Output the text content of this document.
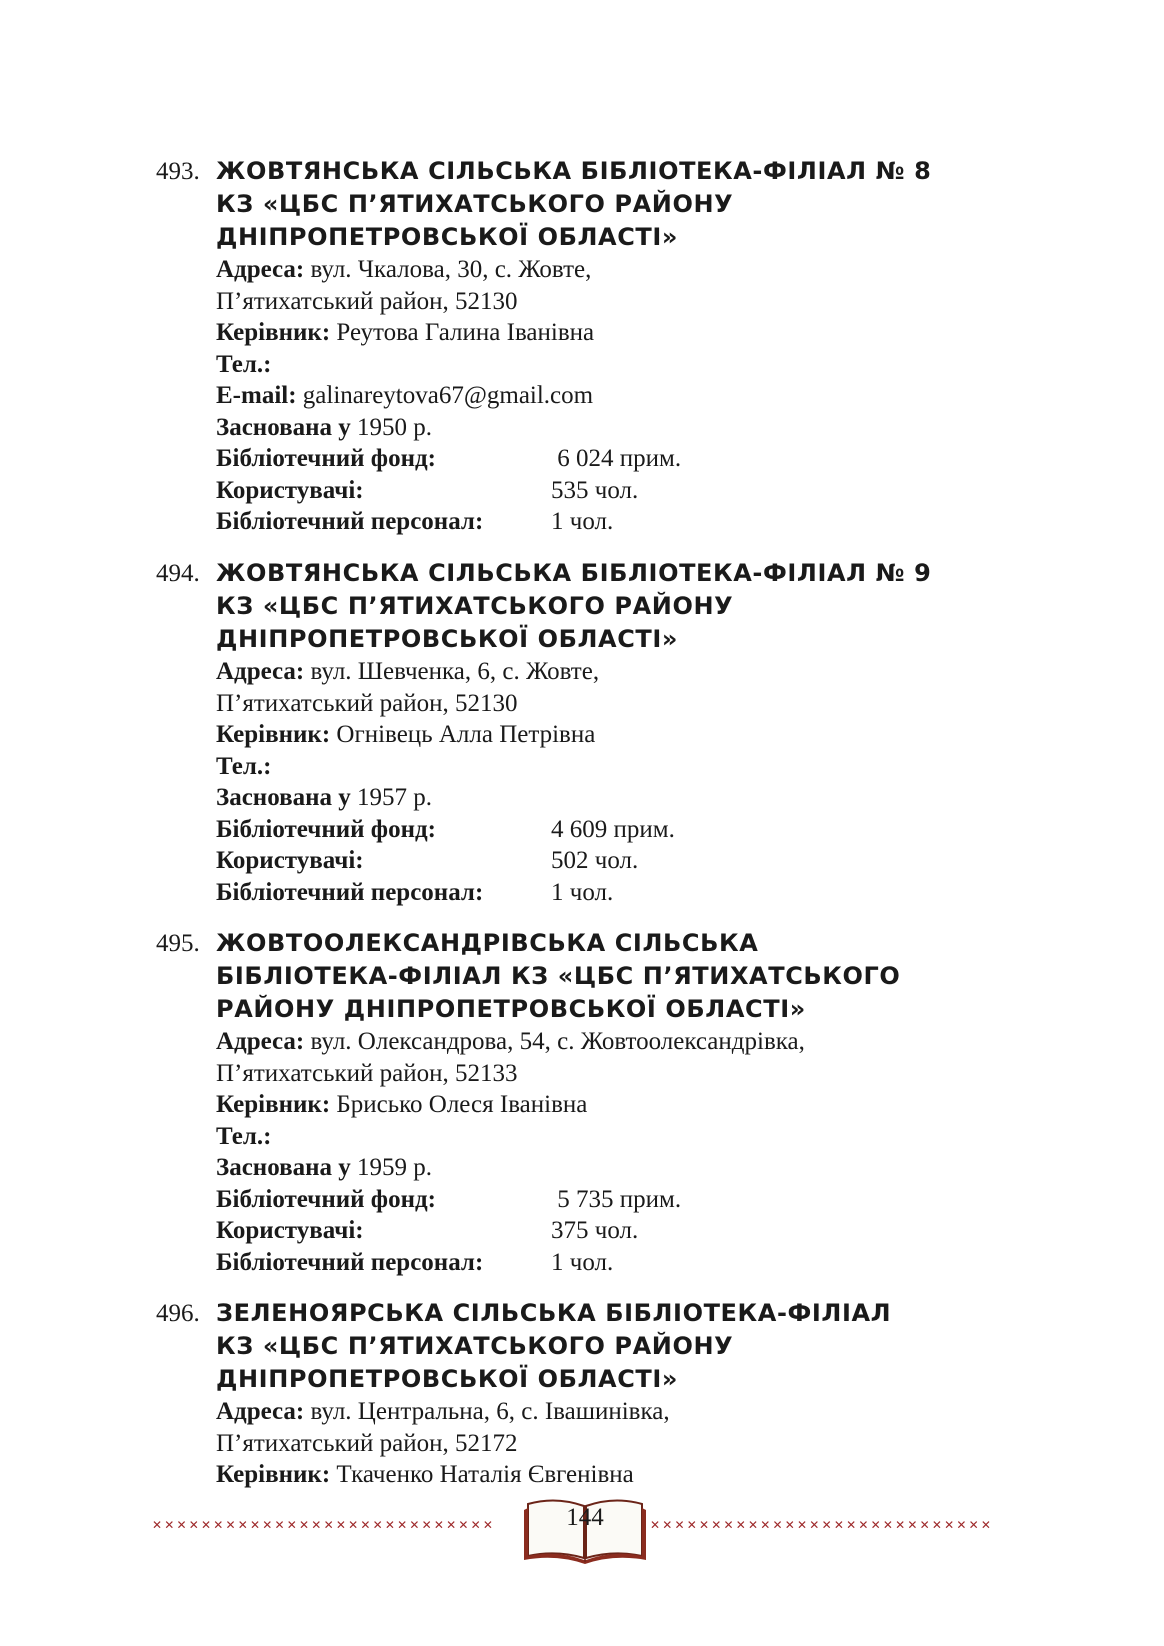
493. ЖОВТЯНСЬКА СІЛЬСЬКА БІБЛІОТЕКА-ФІЛІАЛ № 8
КЗ «ЦБС П’ЯТИХАТСЬКОГО РАЙОНУ
ДНІПРОПЕТРОВСЬКОЇ ОБЛАСТІ»
Адреса: вул. Чкалова, 30, с. Жовте,
П’ятихатський район, 52130
Керівник: Реутова Галина Іванівна
Тел.:
E-mail: galinareytova67@gmail.com
Заснована у 1950 р.
Бібліотечний фонд:	6 024 прим.
Користувачі:	535 чол.
Бібліотечний персонал:	1 чол.
494. ЖОВТЯНСЬКА СІЛЬСЬКА БІБЛІОТЕКА-ФІЛІАЛ № 9
КЗ «ЦБС П’ЯТИХАТСЬКОГО РАЙОНУ
ДНІПРОПЕТРОВСЬКОЇ ОБЛАСТІ»
Адреса: вул. Шевченка, 6, с. Жовте,
П’ятихатський район, 52130
Керівник: Огнівець Алла Петрівна
Тел.:
Заснована у 1957 р.
Бібліотечний фонд:	4 609 прим.
Користувачі:	502 чол.
Бібліотечний персонал:	1 чол.
495. ЖОВТООЛЕКСАНДРІВСЬКА СІЛЬСЬКА
БІБЛІОТЕКА-ФІЛІАЛ КЗ «ЦБС П’ЯТИХАТСЬКОГО
РАЙОНУ ДНІПРОПЕТРОВСЬКОЇ ОБЛАСТІ»
Адреса: вул. Олександрова, 54, с. Жовтоолександрівка,
П’ятихатський район, 52133
Керівник: Брисько Олеся Іванівна
Тел.:
Заснована у 1959 р.
Бібліотечний фонд:	5 735 прим.
Користувачі:	375 чол.
Бібліотечний персонал:	1 чол.
496. ЗЕЛЕНОЯРСЬКА СІЛЬСЬКА БІБЛІОТЕКА-ФІЛІАЛ
КЗ «ЦБС П’ЯТИХАТСЬКОГО РАЙОНУ
ДНІПРОПЕТРОВСЬКОЇ ОБЛАСТІ»
Адреса: вул. Центральна, 6, с. Івашинівка,
П’ятихатський район, 52172
Керівник: Ткаченко Наталія Євгенівна
✕✕✕✕✕✕✕✕✕✕✕✕✕✕✕✕✕✕✕✕✕✕✕✕✕✕✕✕	144	✕✕✕✕✕✕✕✕✕✕✕✕✕✕✕✕✕✕✕✕✕✕✕✕✕✕✕✕
